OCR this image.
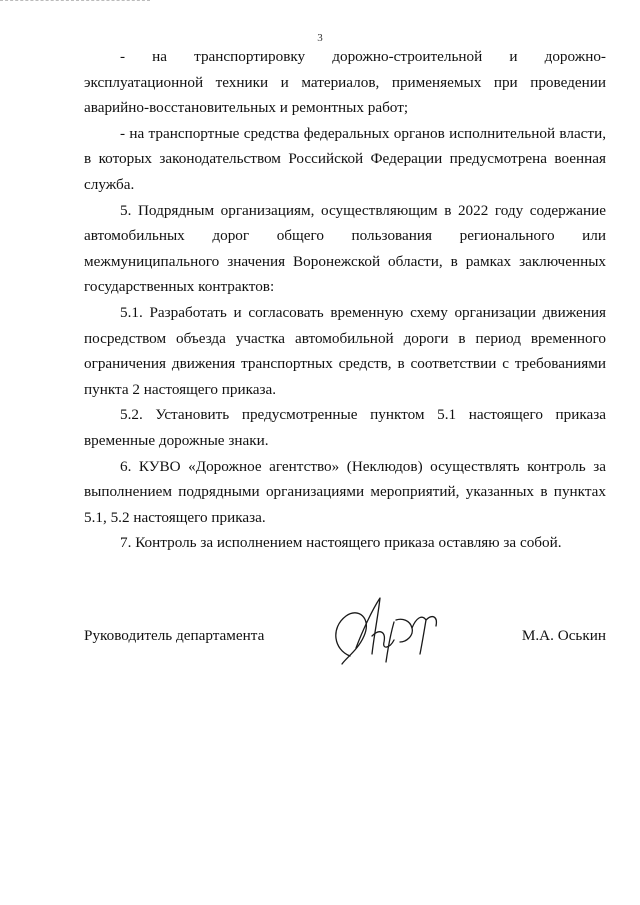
3

- на транспортировку дорожно-строительной и дорожно-эксплуатационной техники и материалов, применяемых при проведении аварийно-восстановительных и ремонтных работ;

- на транспортные средства федеральных органов исполнительной власти, в которых законодательством Российской Федерации предусмотрена военная служба.

5. Подрядным организациям, осуществляющим в 2022 году содержание автомобильных дорог общего пользования регионального или межмуниципального значения Воронежской области, в рамках заключенных государственных контрактов:

5.1. Разработать и согласовать временную схему организации движения посредством объезда участка автомобильной дороги в период временного ограничения движения транспортных средств, в соответствии с требованиями пункта 2 настоящего приказа.

5.2. Установить предусмотренные пунктом 5.1 настоящего приказа временные дорожные знаки.

6. КУВО «Дорожное агентство» (Неклюдов) осуществлять контроль за выполнением подрядными организациями мероприятий, указанных в пунктах 5.1, 5.2 настоящего приказа.

7. Контроль за исполнением настоящего приказа оставляю за собой.

Руководитель департамента	М.А. Оськин
